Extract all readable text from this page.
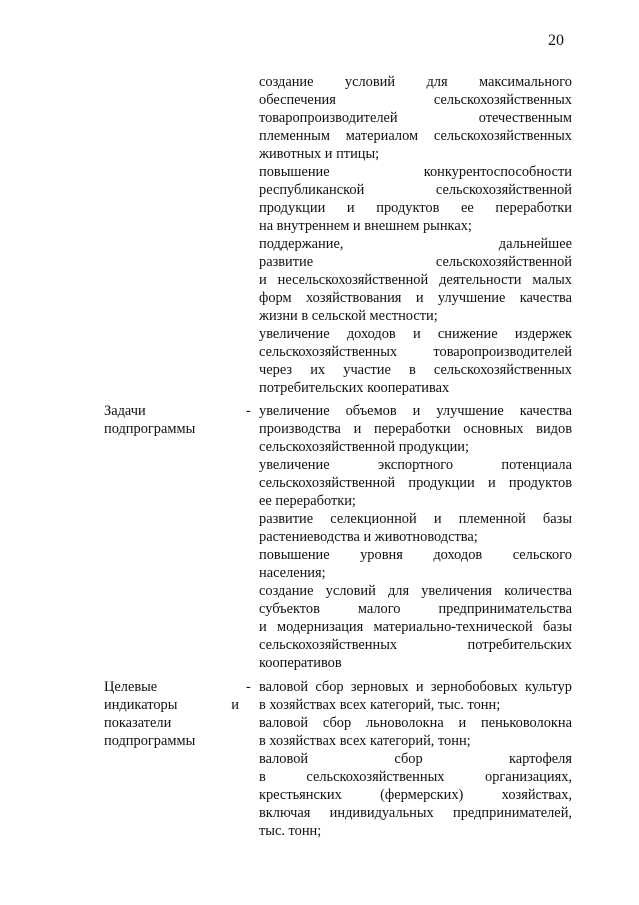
20
создание условий для максимального
обеспечения сельскохозяйственных
товаропроизводителей отечественным
племенным материалом сельскохозяйственных
животных и птицы;
повышение конкурентоспособности
республиканской сельскохозяйственной
продукции и продуктов ее переработки
на внутреннем и внешнем рынках;
поддержание, дальнейшее
развитие сельскохозяйственной
и несельскохозяйственной деятельности малых
форм хозяйствования и улучшение качества
жизни в сельской местности;
увеличение доходов и снижение издержек
сельскохозяйственных товаропроизводителей
через их участие в сельскохозяйственных
потребительских кооперативах
Задачи
подпрограммы
- увеличение объемов и улучшение качества
производства и переработки основных видов
сельскохозяйственной продукции;
увеличение экспортного потенциала
сельскохозяйственной продукции и продуктов
ее переработки;
развитие селекционной и племенной базы
растениеводства и животноводства;
повышение уровня доходов сельского
населения;
создание условий для увеличения количества
субъектов малого предпринимательства
и модернизация материально-технической базы
сельскохозяйственных потребительских
кооперативов
Целевые
индикаторы и
показатели
подпрограммы
- валовой сбор зерновых и зернобобовых культур
в хозяйствах всех категорий, тыс. тонн;
валовой сбор льноволокна и пеньковолокна
в хозяйствах всех категорий, тонн;
валовой сбор картофеля
в сельскохозяйственных организациях,
крестьянских (фермерских) хозяйствах,
включая индивидуальных предпринимателей,
тыс. тонн;
